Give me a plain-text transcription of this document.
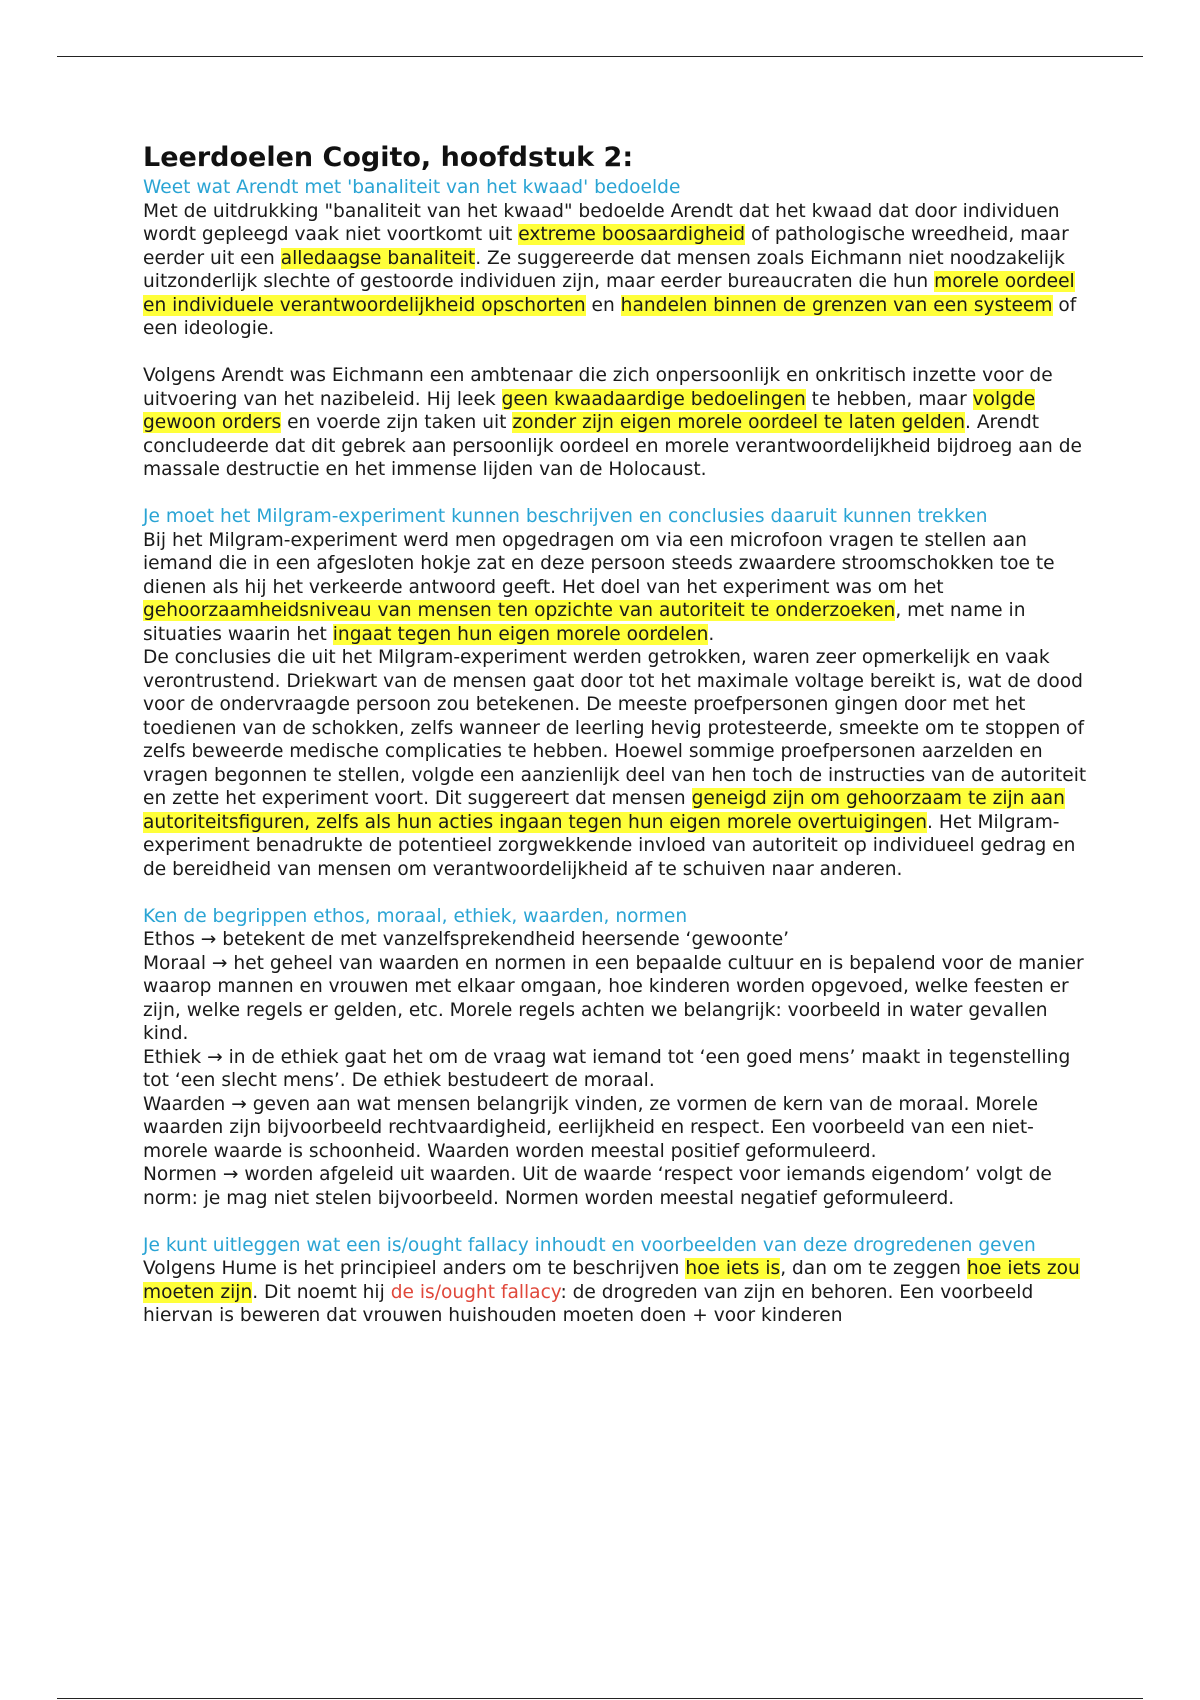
Leerdoelen Cogito, hoofdstuk 2:
Weet wat Arendt met 'banaliteit van het kwaad' bedoelde

Met de uitdrukking "banaliteit van het kwaad" bedoelde Arendt dat het kwaad dat door individuen wordt gepleegd vaak niet voortkomt uit extreme boosaardigheid of pathologische wreedheid, maar eerder uit een alledaagse banaliteit. Ze suggereerde dat mensen zoals Eichmann niet noodzakelijk uitzonderlijk slechte of gestoorde individuen zijn, maar eerder bureaucraten die hun morele oordeel en individuele verantwoordelijkheid opschorten en handelen binnen de grenzen van een systeem of een ideologie.

Volgens Arendt was Eichmann een ambtenaar die zich onpersoonlijk en onkritisch inzette voor de uitvoering van het nazibeleid. Hij leek geen kwaadaardige bedoelingen te hebben, maar volgde gewoon orders en voerde zijn taken uit zonder zijn eigen morele oordeel te laten gelden. Arendt concludeerde dat dit gebrek aan persoonlijk oordeel en morele verantwoordelijkheid bijdroeg aan de massale destructie en het immense lijden van de Holocaust.

Je moet het Milgram-experiment kunnen beschrijven en conclusies daaruit kunnen trekken

Bij het Milgram-experiment werd men opgedragen om via een microfoon vragen te stellen aan iemand die in een afgesloten hokje zat en deze persoon steeds zwaardere stroomschokken toe te dienen als hij het verkeerde antwoord geeft. Het doel van het experiment was om het gehoorzaamheidsniveau van mensen ten opzichte van autoriteit te onderzoeken, met name in situaties waarin het ingaat tegen hun eigen morele oordelen.

De conclusies die uit het Milgram-experiment werden getrokken, waren zeer opmerkelijk en vaak verontrustend. Driekwart van de mensen gaat door tot het maximale voltage bereikt is, wat de dood voor de ondervraagde persoon zou betekenen. De meeste proefpersonen gingen door met het toedienen van de schokken, zelfs wanneer de leerling hevig protesteerde, smeekte om te stoppen of zelfs beweerde medische complicaties te hebben. Hoewel sommige proefpersonen aarzelden en vragen begonnen te stellen, volgde een aanzienlijk deel van hen toch de instructies van de autoriteit en zette het experiment voort. Dit suggereert dat mensen geneigd zijn om gehoorzaam te zijn aan autoriteitsfiguren, zelfs als hun acties ingaan tegen hun eigen morele overtuigingen. Het Milgram-experiment benadrukte de potentieel zorgwekkende invloed van autoriteit op individueel gedrag en de bereidheid van mensen om verantwoordelijkheid af te schuiven naar anderen.

Ken de begrippen ethos, moraal, ethiek, waarden, normen

Ethos → betekent de met vanzelfsprekendheid heersende ‘gewoonte’

Moraal → het geheel van waarden en normen in een bepaalde cultuur en is bepalend voor de manier waarop mannen en vrouwen met elkaar omgaan, hoe kinderen worden opgevoed, welke feesten er zijn, welke regels er gelden, etc. Morele regels achten we belangrijk: voorbeeld in water gevallen kind.

Ethiek → in de ethiek gaat het om de vraag wat iemand tot ‘een goed mens’ maakt in tegenstelling tot ‘een slecht mens’. De ethiek bestudeert de moraal.

Waarden → geven aan wat mensen belangrijk vinden, ze vormen de kern van de moraal. Morele waarden zijn bijvoorbeeld rechtvaardigheid, eerlijkheid en respect. Een voorbeeld van een niet-morele waarde is schoonheid. Waarden worden meestal positief geformuleerd.

Normen → worden afgeleid uit waarden. Uit de waarde ‘respect voor iemands eigendom’ volgt de norm: je mag niet stelen bijvoorbeeld. Normen worden meestal negatief geformuleerd.

Je kunt uitleggen wat een is/ought fallacy inhoudt en voorbeelden van deze drogredenen geven

Volgens Hume is het principieel anders om te beschrijven hoe iets is, dan om te zeggen hoe iets zou moeten zijn. Dit noemt hij de is/ought fallacy: de drogreden van zijn en behoren. Een voorbeeld hiervan is beweren dat vrouwen huishouden moeten doen + voor kinderen
